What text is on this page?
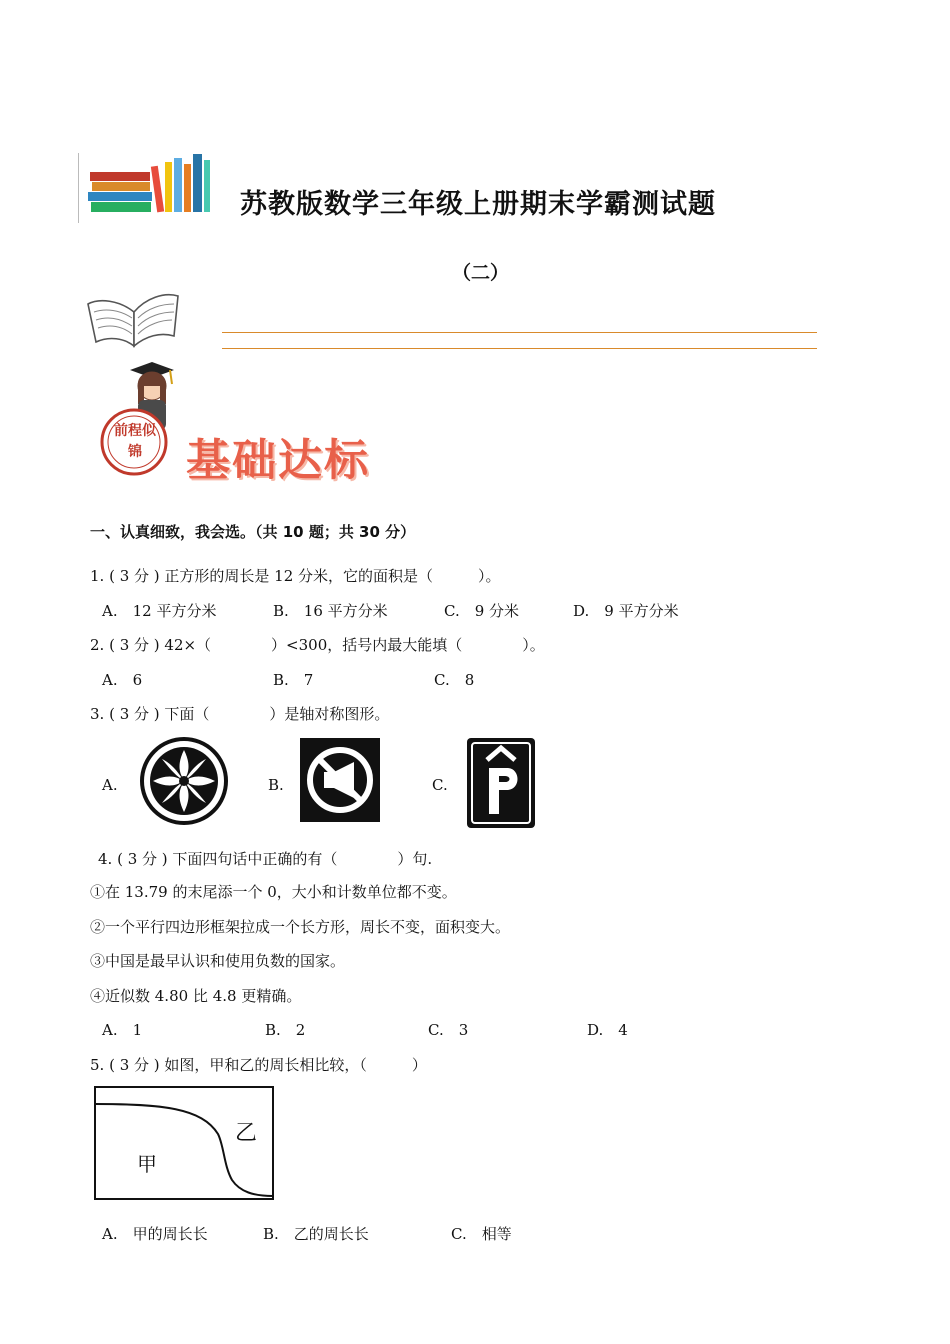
苏教版数学三年级上册期末学霸测试题
（二）
前程似锦	基础达标
一、认真细致，我会选。（共 10 题；共 30 分）
1. ( 3 分 ) 正方形的周长是 12 分米，它的面积是（　　　）。
A.　12 平方分米	B.　16 平方分米	C.　9 分米	D.　9 平方分米
2. ( 3 分 ) 42×（　　　　）<300，括号内最大能填（　　　　）。
A.　6	B.　7	C.　8
3. ( 3 分 ) 下面（　　　　）是轴对称图形。
A.	B.	C.
4. ( 3 分 ) 下面四句话中正确的有（　　　　）句.
①在 13.79 的末尾添一个 0，大小和计数单位都不变。
②一个平行四边形框架拉成一个长方形，周长不变，面积变大。
③中国是最早认识和使用负数的国家。
④近似数 4.80 比 4.8 更精确。
A.　1	B.　2	C.　3	D.　4
5. ( 3 分 ) 如图，甲和乙的周长相比较，（　　　）
甲
乙
A.　甲的周长长	B.　乙的周长长	C.　相等
